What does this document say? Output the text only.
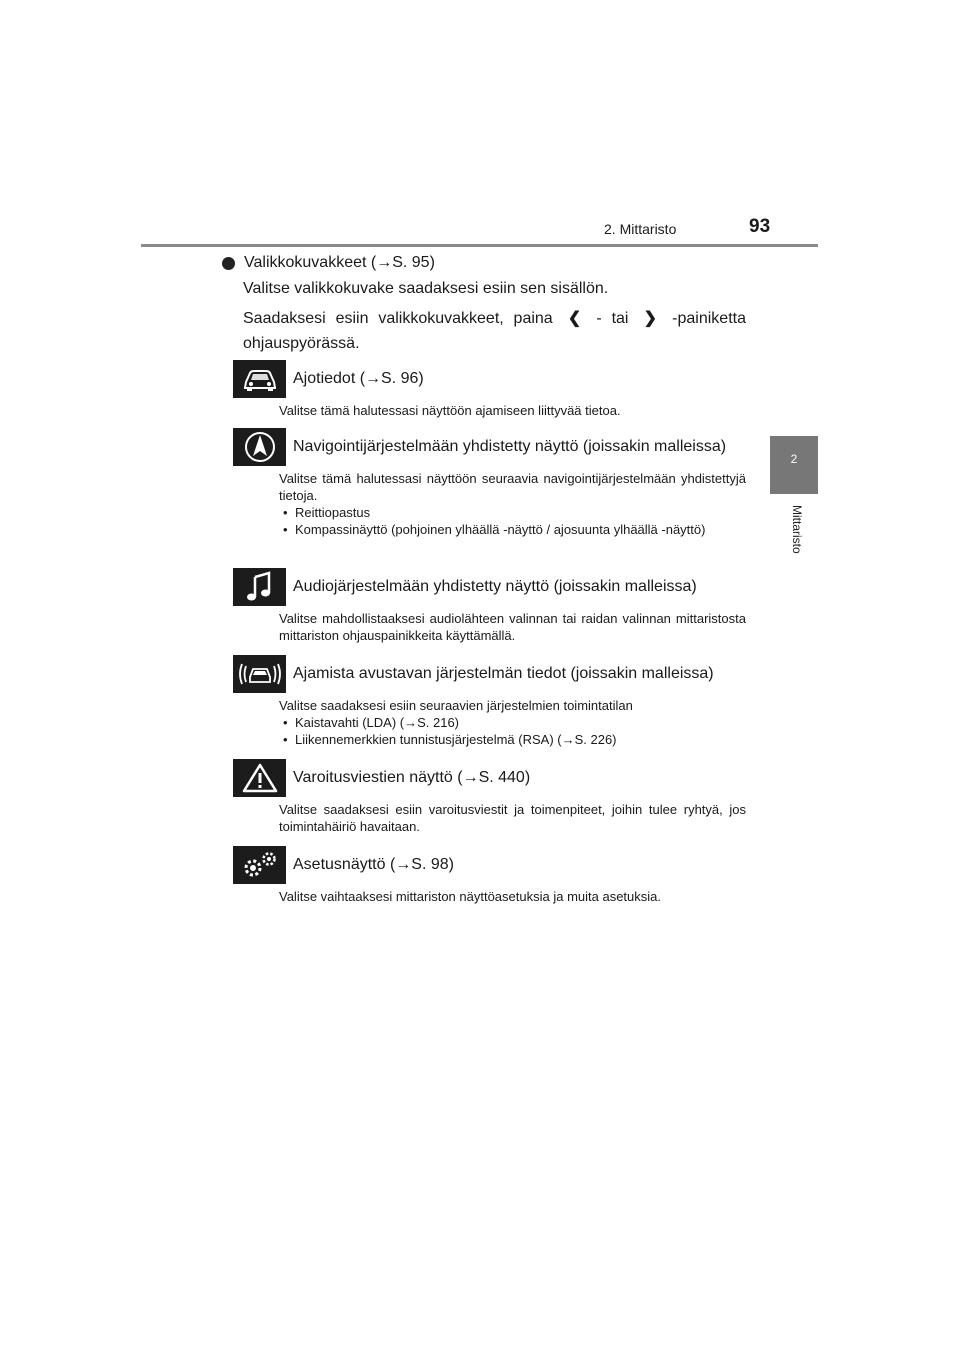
2. Mittaristo	93
2
Mittaristo
Valikkokuvakkeet (→S. 95)
Valitse valikkokuvake saadaksesi esiin sen sisällön.
Saadaksesi esiin valikkokuvakkeet, paina ❮ - tai ❯ -painiketta ohjauspyörässä.
Ajotiedot (→S. 96)
Valitse tämä halutessasi näyttöön ajamiseen liittyvää tietoa.
Navigointijärjestelmään yhdistetty näyttö (joissakin malleissa)
Valitse tämä halutessasi näyttöön seuraavia navigointijärjestelmään yhdistettyjä tietoja.
• Reittiopastus
• Kompassinäyttö (pohjoinen ylhäällä -näyttö / ajosuunta ylhäällä -näyttö)
Audiojärjestelmään yhdistetty näyttö (joissakin malleissa)
Valitse mahdollistaaksesi audiolähteen valinnan tai raidan valinnan mittaristosta mittariston ohjauspainikkeita käyttämällä.
Ajamista avustavan järjestelmän tiedot (joissakin malleissa)
Valitse saadaksesi esiin seuraavien järjestelmien toimintatilan
• Kaistavahti (LDA) (→S. 216)
• Liikennemerkkien tunnistusjärjestelmä (RSA) (→S. 226)
Varoitusviestien näyttö (→S. 440)
Valitse saadaksesi esiin varoitusviestit ja toimenpiteet, joihin tulee ryhtyä, jos toimintahäiriö havaitaan.
Asetusnäyttö (→S. 98)
Valitse vaihtaaksesi mittariston näyttöasetuksia ja muita asetuksia.
